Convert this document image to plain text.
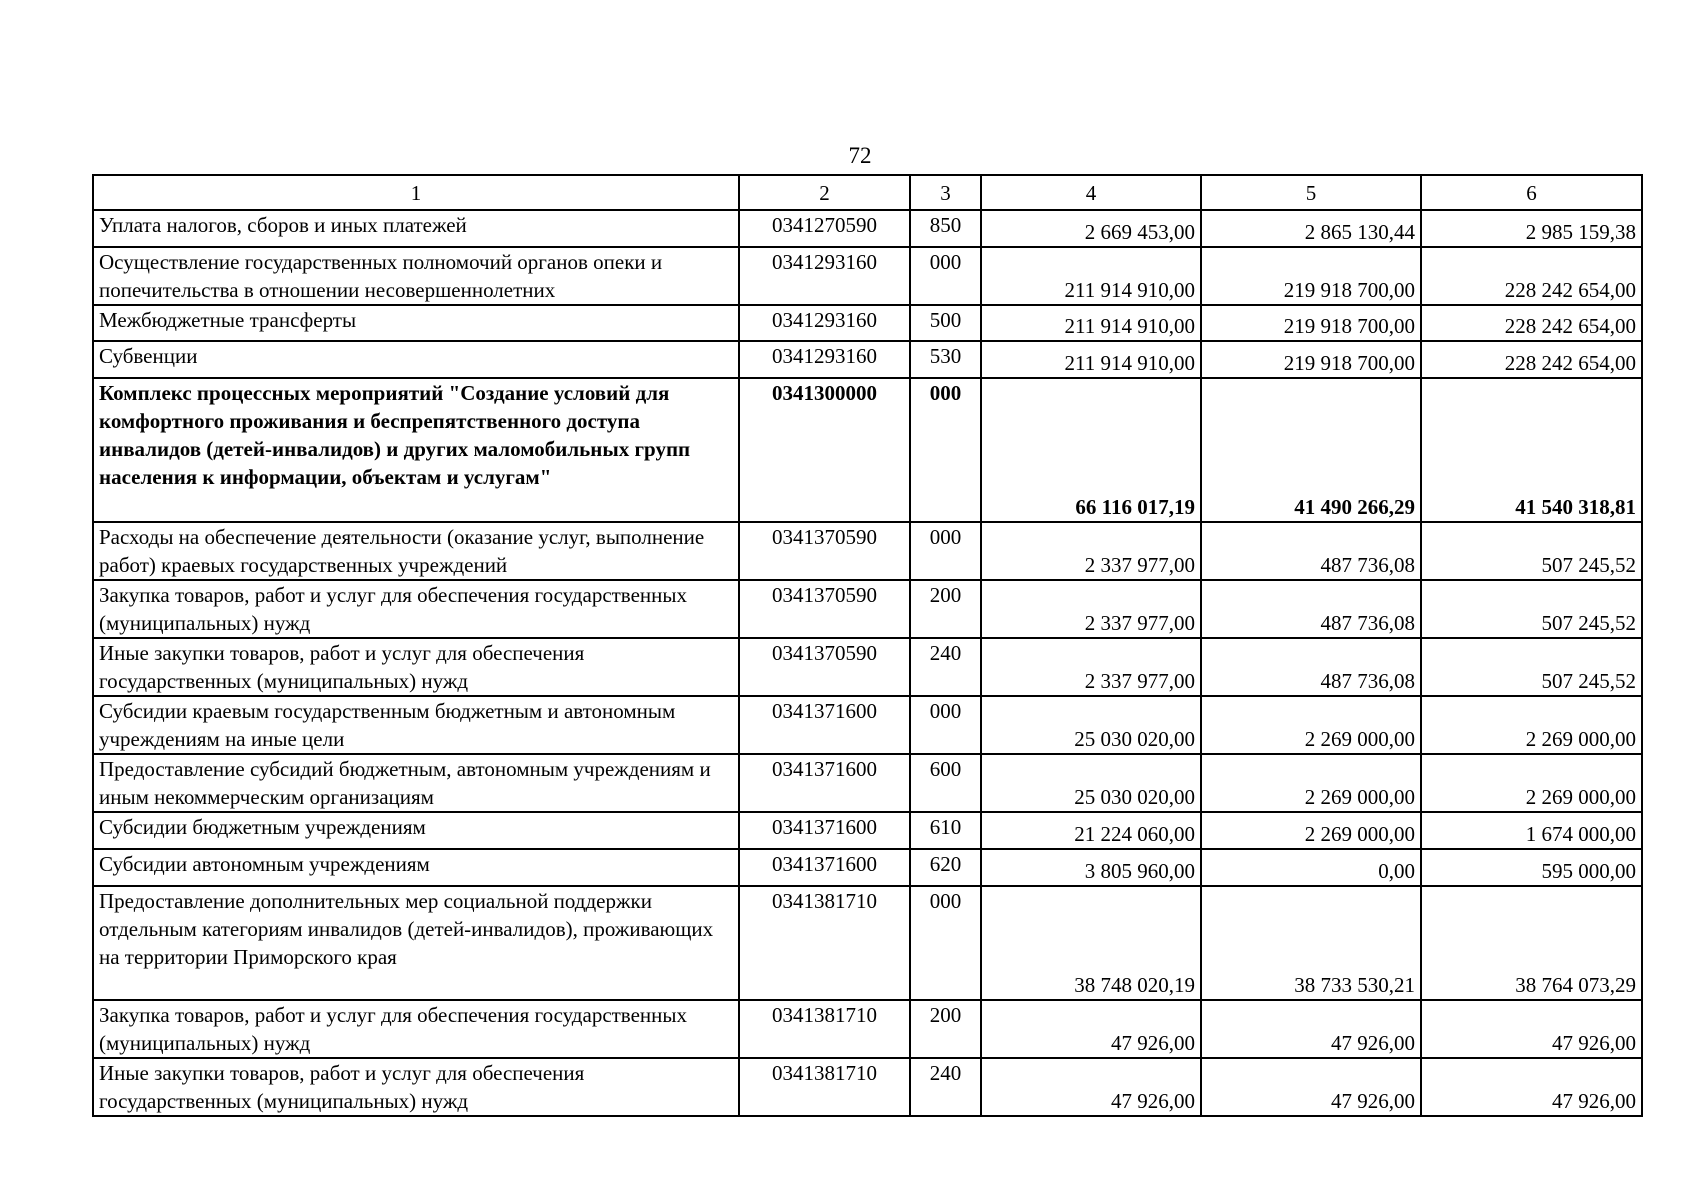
72
1	2	3	4	5	6
Уплата налогов, сборов и иных платежей	0341270590	850	2 669 453,00	2 865 130,44	2 985 159,38
Осуществление государственных полномочий органов опеки и попечительства в отношении несовершеннолетних	0341293160	000	211 914 910,00	219 918 700,00	228 242 654,00
Межбюджетные трансферты	0341293160	500	211 914 910,00	219 918 700,00	228 242 654,00
Субвенции	0341293160	530	211 914 910,00	219 918 700,00	228 242 654,00
Комплекс процессных мероприятий "Создание условий для комфортного проживания и беспрепятственного доступа инвалидов (детей-инвалидов) и других маломобильных групп населения к информации, объектам и услугам"	0341300000	000	66 116 017,19	41 490 266,29	41 540 318,81
Расходы на обеспечение деятельности (оказание услуг, выполнение работ) краевых государственных учреждений	0341370590	000	2 337 977,00	487 736,08	507 245,52
Закупка товаров, работ и услуг для обеспечения государственных (муниципальных) нужд	0341370590	200	2 337 977,00	487 736,08	507 245,52
Иные закупки товаров, работ и услуг для обеспечения государственных (муниципальных) нужд	0341370590	240	2 337 977,00	487 736,08	507 245,52
Субсидии краевым государственным бюджетным и автономным учреждениям на иные цели	0341371600	000	25 030 020,00	2 269 000,00	2 269 000,00
Предоставление субсидий бюджетным, автономным учреждениям и иным некоммерческим организациям	0341371600	600	25 030 020,00	2 269 000,00	2 269 000,00
Субсидии бюджетным учреждениям	0341371600	610	21 224 060,00	2 269 000,00	1 674 000,00
Субсидии автономным учреждениям	0341371600	620	3 805 960,00	0,00	595 000,00
Предоставление дополнительных мер социальной поддержки отдельным категориям инвалидов (детей-инвалидов), проживающих на территории Приморского края	0341381710	000	38 748 020,19	38 733 530,21	38 764 073,29
Закупка товаров, работ и услуг для обеспечения государственных (муниципальных) нужд	0341381710	200	47 926,00	47 926,00	47 926,00
Иные закупки товаров, работ и услуг для обеспечения государственных (муниципальных) нужд	0341381710	240	47 926,00	47 926,00	47 926,00
